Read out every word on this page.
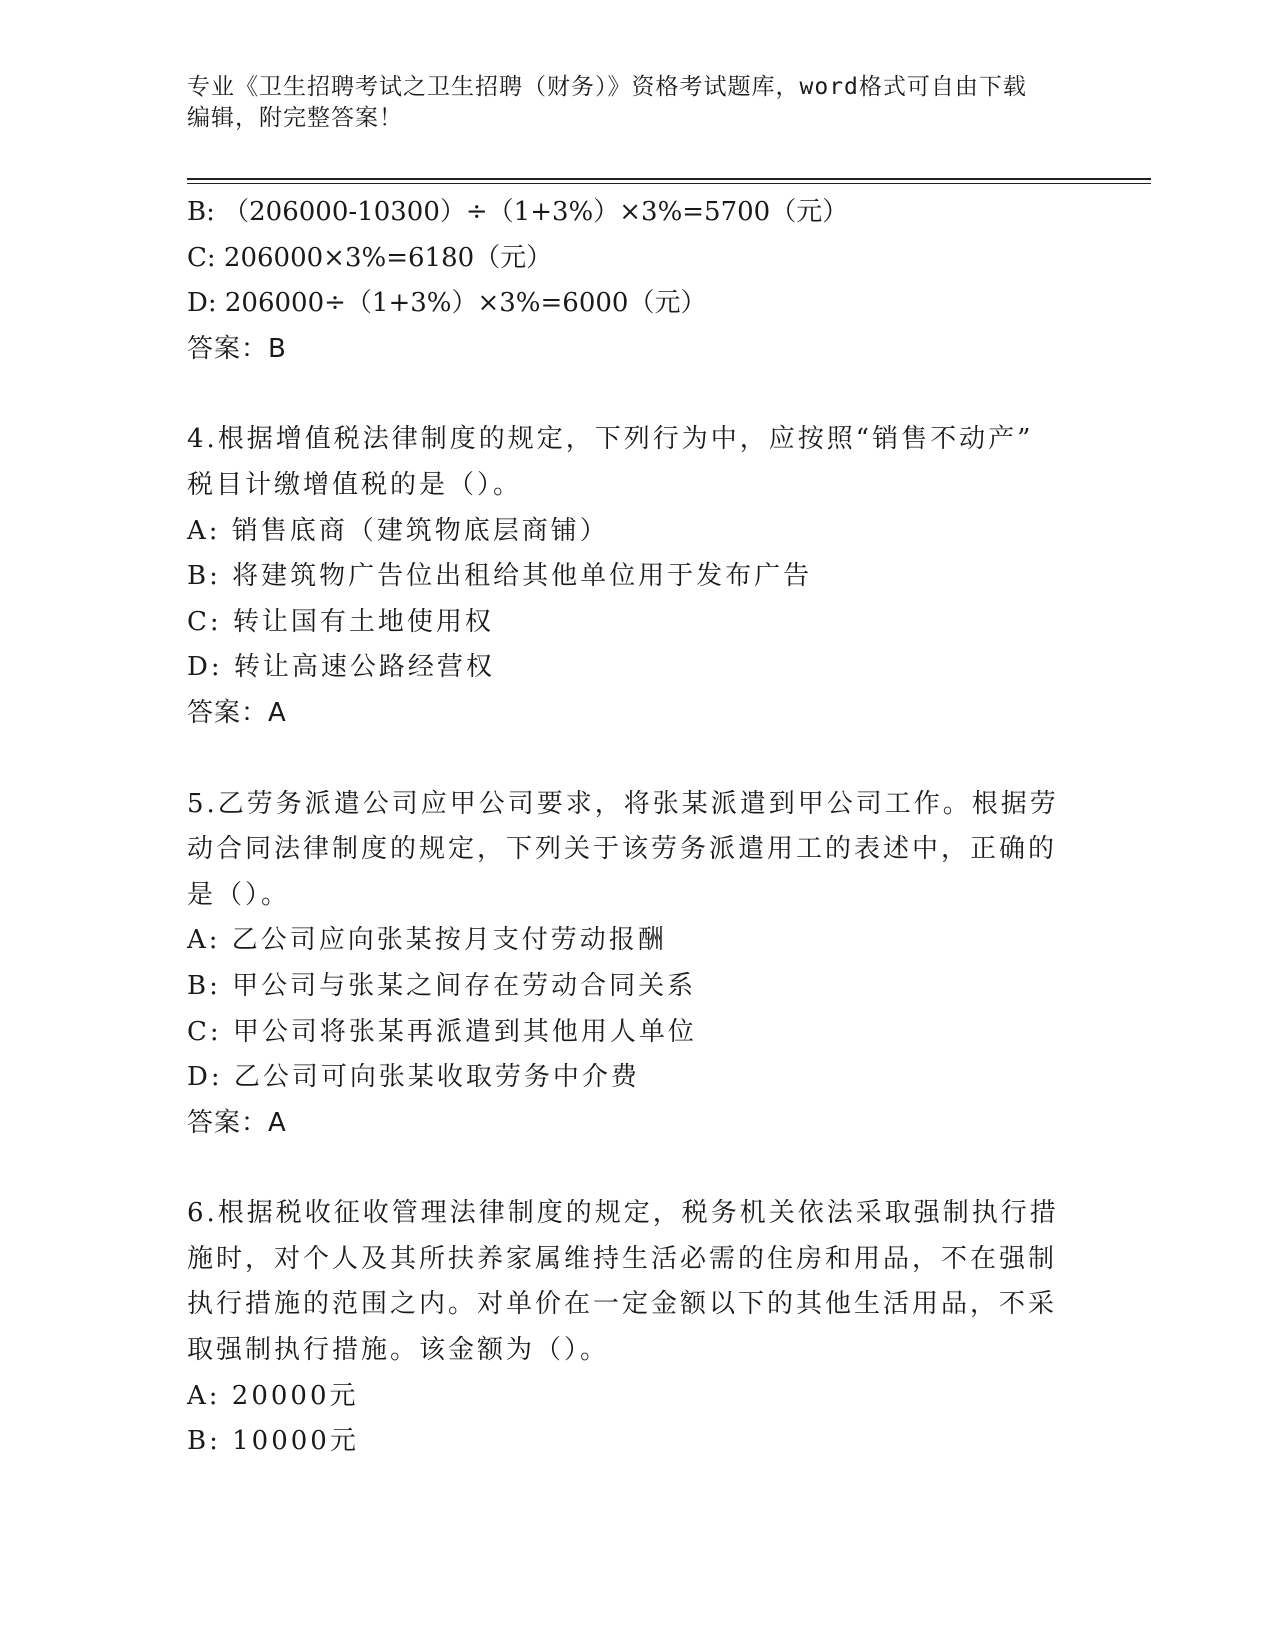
专业《卫生招聘考试之卫生招聘（财务）》资格考试题库，word格式可自由下载
编辑，附完整答案！
B: （206000-10300）÷（1+3%）×3%=5700（元）
C: 206000×3%=6180（元）
D: 206000÷（1+3%）×3%=6000（元）
答案：B
4.根据增值税法律制度的规定，下列行为中，应按照“销售不动产”
税目计缴增值税的是（）。
A: 销售底商（建筑物底层商铺）
B: 将建筑物广告位出租给其他单位用于发布广告
C: 转让国有土地使用权
D: 转让高速公路经营权
答案：A
5.乙劳务派遣公司应甲公司要求，将张某派遣到甲公司工作。根据劳
动合同法律制度的规定，下列关于该劳务派遣用工的表述中，正确的
是（）。
A: 乙公司应向张某按月支付劳动报酬
B: 甲公司与张某之间存在劳动合同关系
C: 甲公司将张某再派遣到其他用人单位
D: 乙公司可向张某收取劳务中介费
答案：A
6.根据税收征收管理法律制度的规定，税务机关依法采取强制执行措
施时，对个人及其所扶养家属维持生活必需的住房和用品，不在强制
执行措施的范围之内。对单价在一定金额以下的其他生活用品，不采
取强制执行措施。该金额为（）。
A: 20000元
B: 10000元
